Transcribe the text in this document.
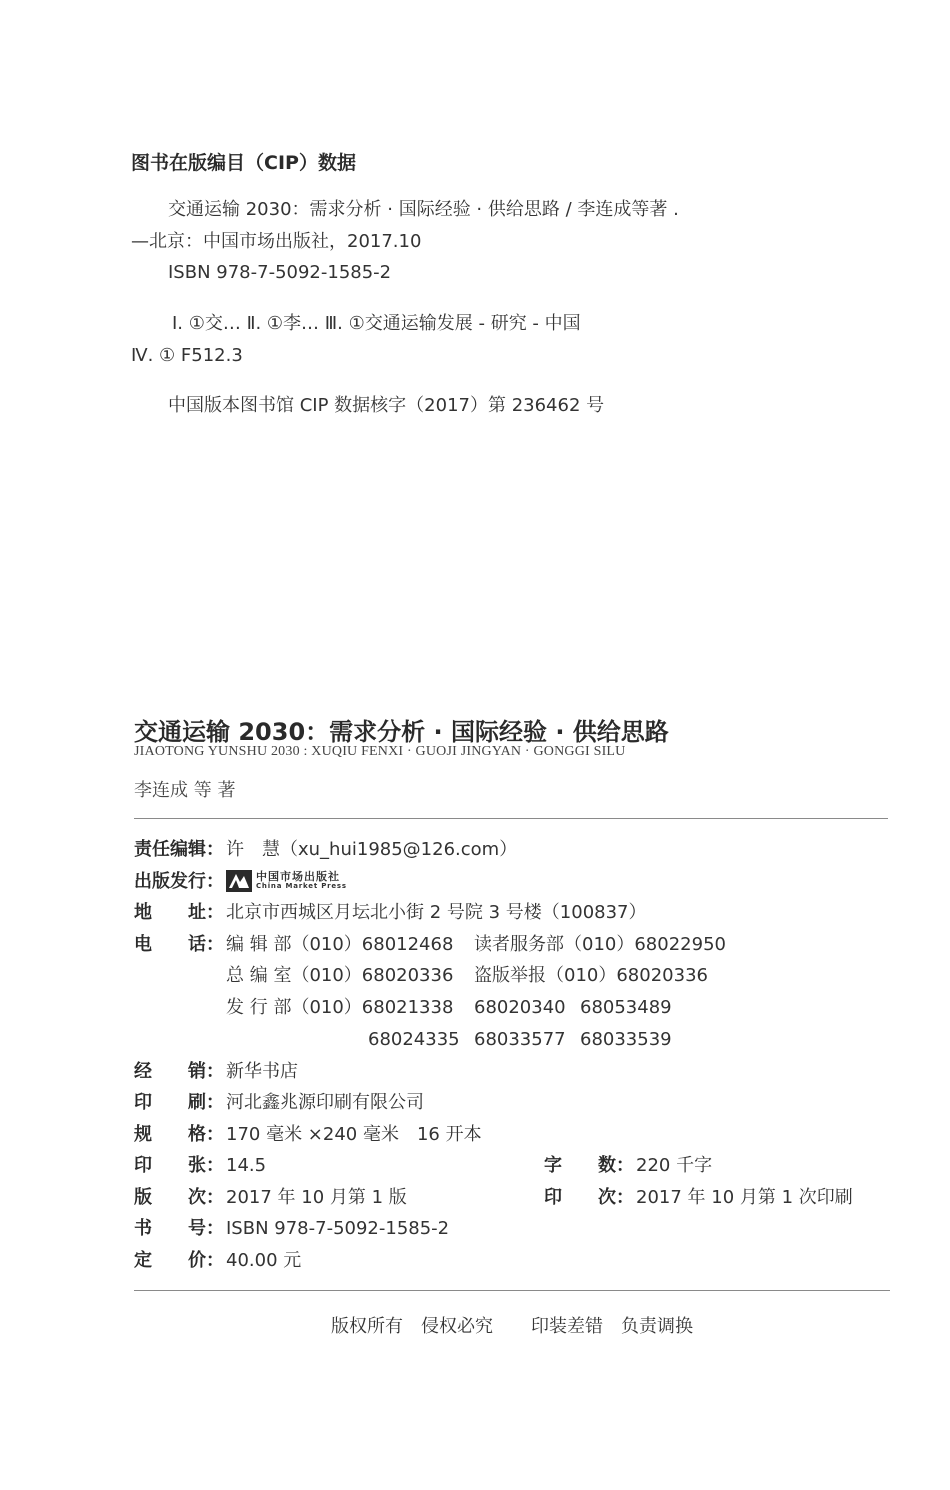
图书在版编目（CIP）数据
交通运输 2030：需求分析 · 国际经验 · 供给思路 / 李连成等著 .
—北京：中国市场出版社，2017.10
ISBN 978-7-5092-1585-2
Ⅰ. ①交… Ⅱ. ①李… Ⅲ. ①交通运输发展 - 研究 - 中国
Ⅳ. ① F512.3
中国版本图书馆 CIP 数据核字（2017）第 236462 号
交通运输 2030：需求分析 · 国际经验 · 供给思路
JIAOTONG YUNSHU 2030 : XUQIU FENXI · GUOJI JINGYAN · GONGGI SILU
李连成 等 著
责任编辑： 许　慧（xu_hui1985@126.com）
出版发行：	中国市场出版社
China Market Press
地　　址： 北京市西城区月坛北小街 2 号院 3 号楼（100837）
电　　话： 编 辑 部（010）68012468 读者服务部（010）68022950
总 编 室（010）68020336 盗版举报（010）68020336
发 行 部（010）68021338 68020340 68053489
68024335 68033577 68033539
经　　销： 新华书店
印　　刷： 河北鑫兆源印刷有限公司
规　　格： 170 毫米 ×240 毫米　16 开本
印　　张： 14.5	字　　数： 220 千字
版　　次： 2017 年 10 月第 1 版	印　　次： 2017 年 10 月第 1 次印刷
书　　号： ISBN 978-7-5092-1585-2
定　　价： 40.00 元
版权所有　侵权必究 印装差错　负责调换
